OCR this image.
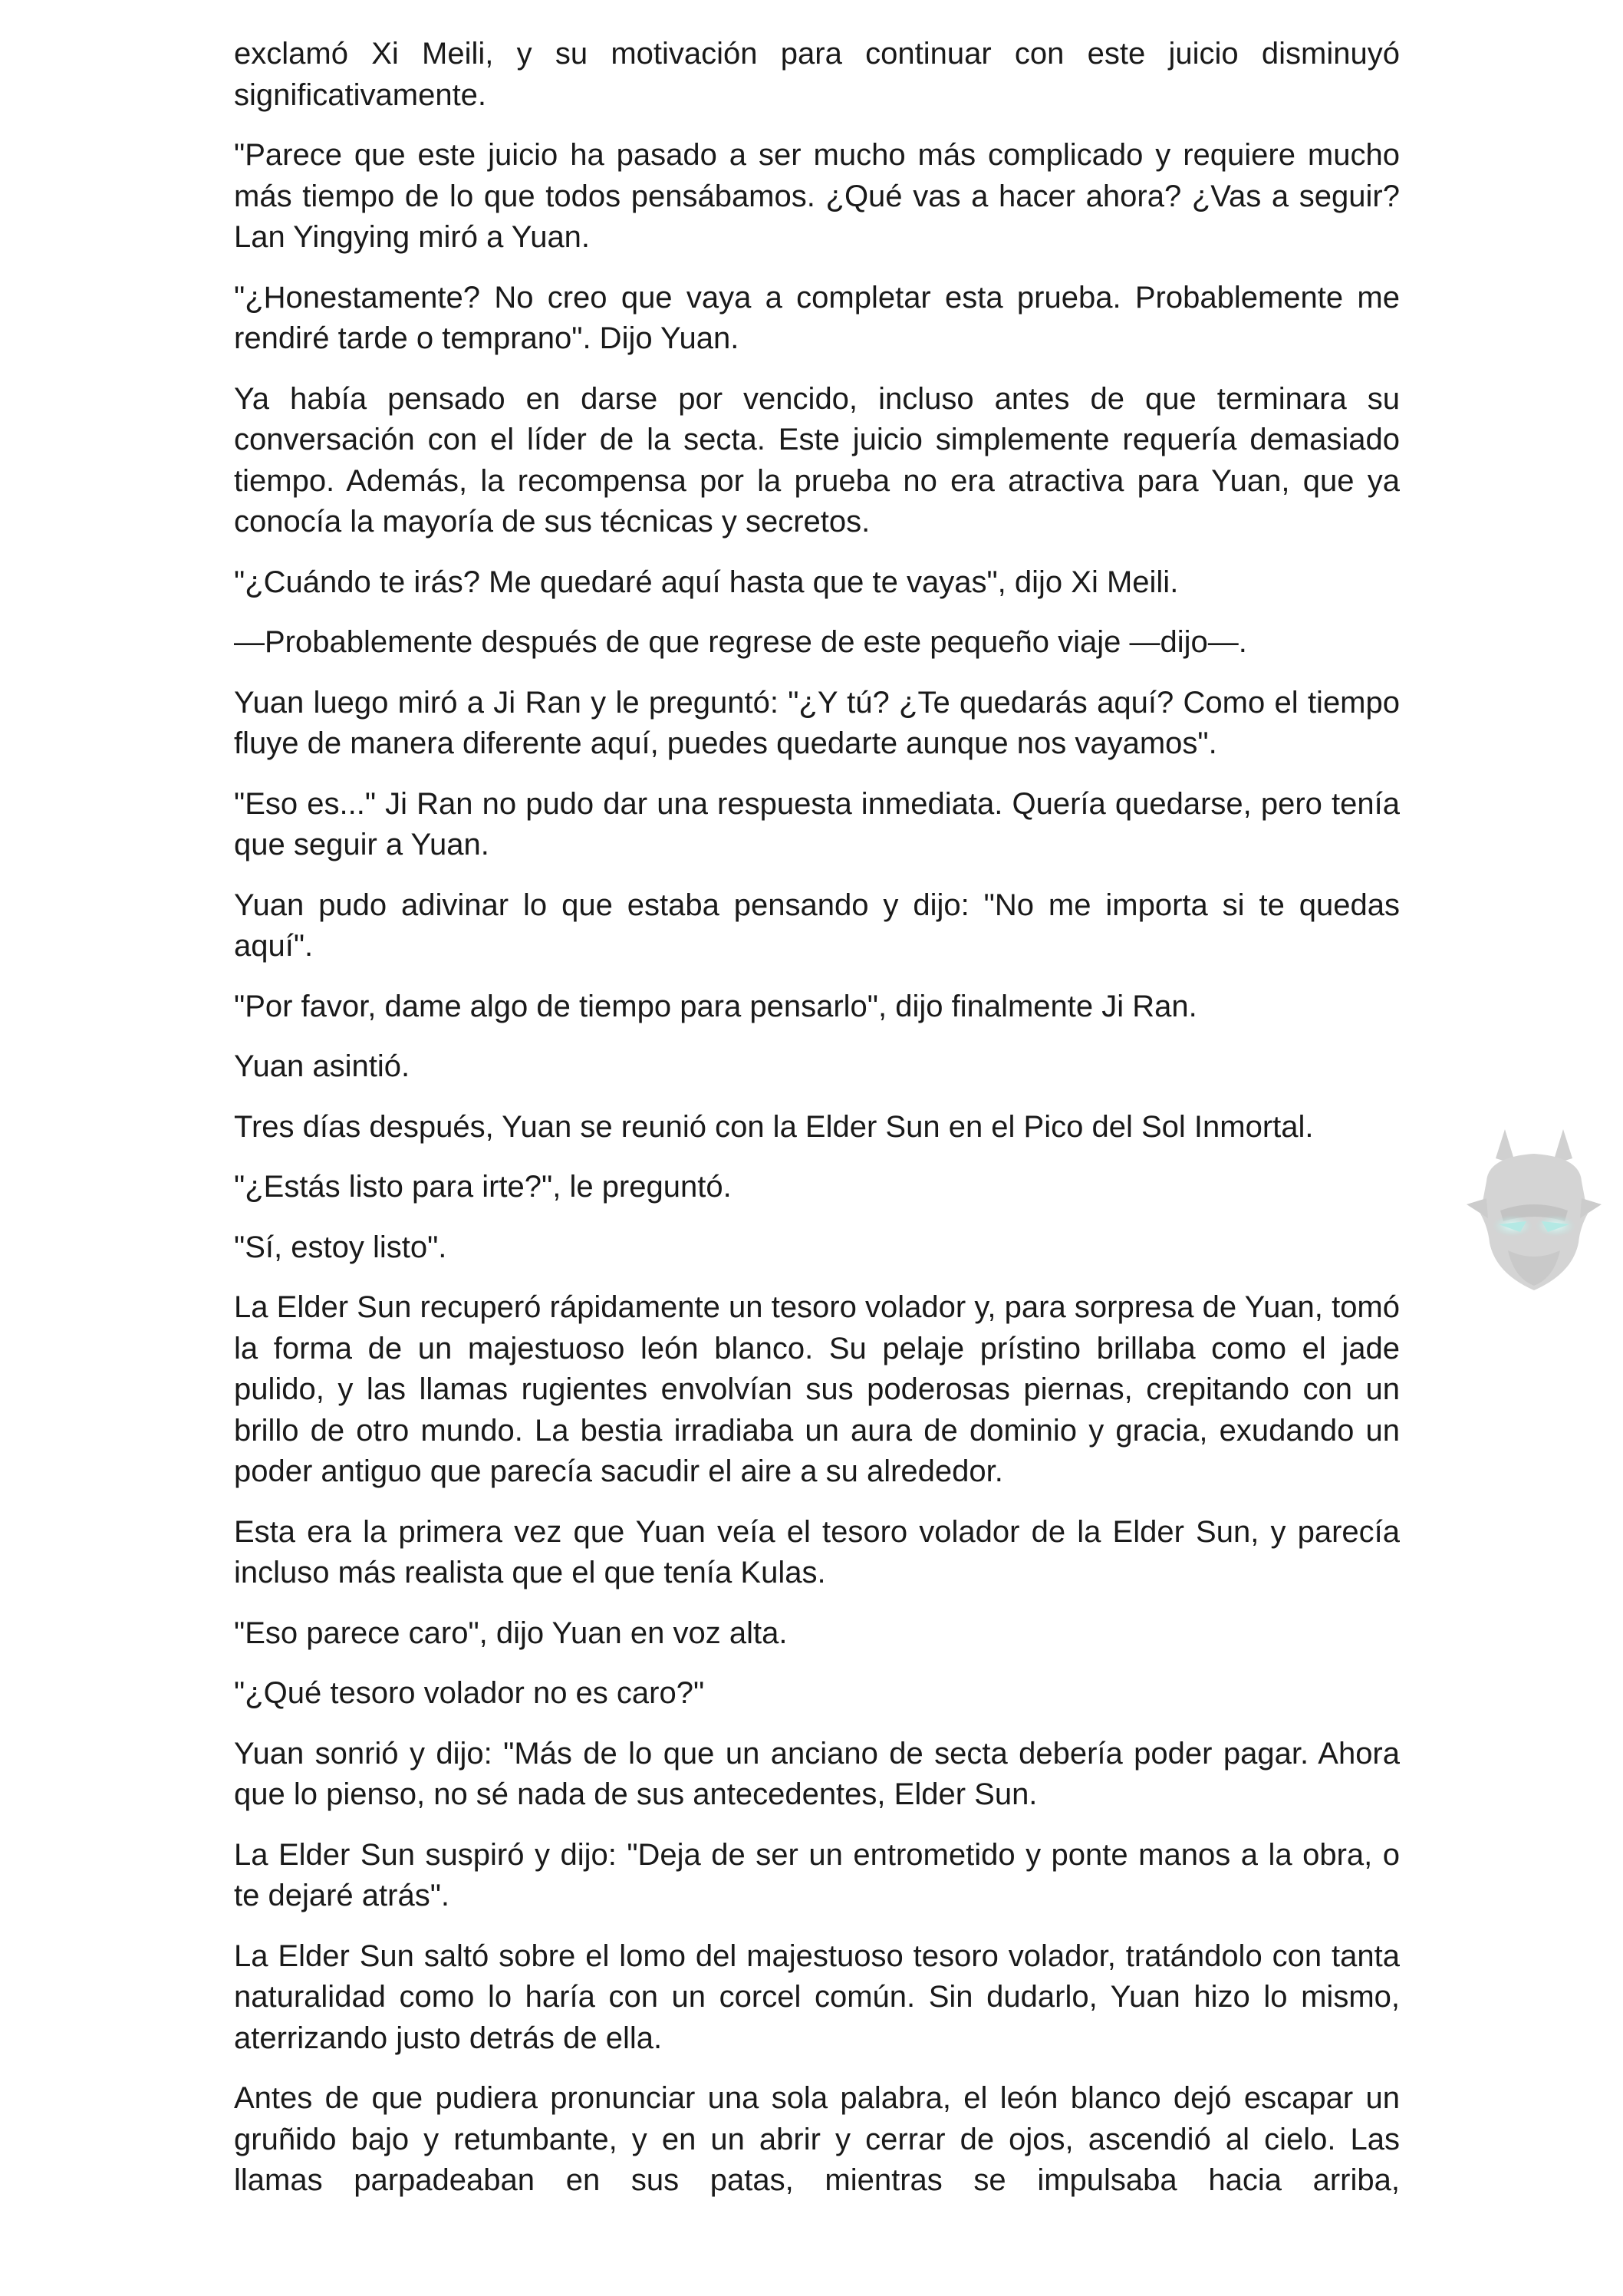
exclamó Xi Meili, y su motivación para continuar con este juicio disminuyó significativamente.

"Parece que este juicio ha pasado a ser mucho más complicado y requiere mucho más tiempo de lo que todos pensábamos. ¿Qué vas a hacer ahora? ¿Vas a seguir? Lan Yingying miró a Yuan.

"¿Honestamente? No creo que vaya a completar esta prueba. Probablemente me rendiré tarde o temprano". Dijo Yuan.

Ya había pensado en darse por vencido, incluso antes de que terminara su conversación con el líder de la secta. Este juicio simplemente requería demasiado tiempo. Además, la recompensa por la prueba no era atractiva para Yuan, que ya conocía la mayoría de sus técnicas y secretos.

"¿Cuándo te irás? Me quedaré aquí hasta que te vayas", dijo Xi Meili.

—Probablemente después de que regrese de este pequeño viaje —dijo—.

Yuan luego miró a Ji Ran y le preguntó: "¿Y tú? ¿Te quedarás aquí? Como el tiempo fluye de manera diferente aquí, puedes quedarte aunque nos vayamos".

"Eso es..." Ji Ran no pudo dar una respuesta inmediata. Quería quedarse, pero tenía que seguir a Yuan.

Yuan pudo adivinar lo que estaba pensando y dijo: "No me importa si te quedas aquí".

"Por favor, dame algo de tiempo para pensarlo", dijo finalmente Ji Ran.

Yuan asintió.

Tres días después, Yuan se reunió con la Elder Sun en el Pico del Sol Inmortal.

"¿Estás listo para irte?", le preguntó.

"Sí, estoy listo".

La Elder Sun recuperó rápidamente un tesoro volador y, para sorpresa de Yuan, tomó la forma de un majestuoso león blanco. Su pelaje prístino brillaba como el jade pulido, y las llamas rugientes envolvían sus poderosas piernas, crepitando con un brillo de otro mundo. La bestia irradiaba un aura de dominio y gracia, exudando un poder antiguo que parecía sacudir el aire a su alrededor.

Esta era la primera vez que Yuan veía el tesoro volador de la Elder Sun, y parecía incluso más realista que el que tenía Kulas.

"Eso parece caro", dijo Yuan en voz alta.

"¿Qué tesoro volador no es caro?"

Yuan sonrió y dijo: "Más de lo que un anciano de secta debería poder pagar. Ahora que lo pienso, no sé nada de sus antecedentes, Elder Sun.

La Elder Sun suspiró y dijo: "Deja de ser un entrometido y ponte manos a la obra, o te dejaré atrás".

La Elder Sun saltó sobre el lomo del majestuoso tesoro volador, tratándolo con tanta naturalidad como lo haría con un corcel común. Sin dudarlo, Yuan hizo lo mismo, aterrizando justo detrás de ella.

Antes de que pudiera pronunciar una sola palabra, el león blanco dejó escapar un gruñido bajo y retumbante, y en un abrir y cerrar de ojos, ascendió al cielo. Las llamas parpadeaban en sus patas, mientras se impulsaba hacia arriba,
